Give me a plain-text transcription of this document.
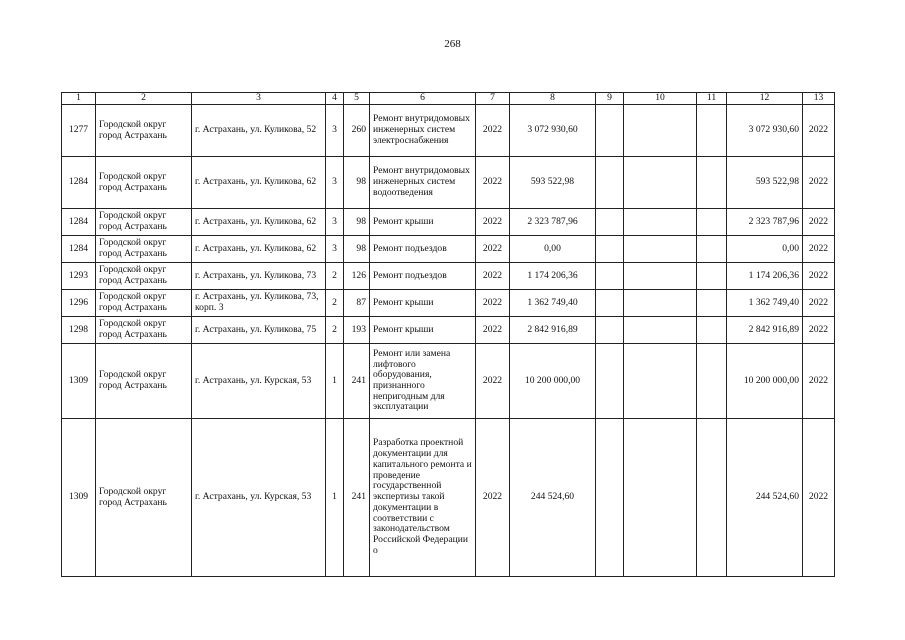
268
1	2	3	4	5	6	7	8	9	10	11	12	13
1277	Городской округ город Астрахань	г. Астрахань, ул. Куликова, 52	3	260	Ремонт внутридомовых инженерных систем электроснабжения	2022	3 072 930,60				3 072 930,60	2022
1284	Городской округ город Астрахань	г. Астрахань, ул. Куликова, 62	3	98	Ремонт внутридомовых инженерных систем водоотведения	2022	593 522,98				593 522,98	2022
1284	Городской округ город Астрахань	г. Астрахань, ул. Куликова, 62	3	98	Ремонт крыши	2022	2 323 787,96				2 323 787,96	2022
1284	Городской округ город Астрахань	г. Астрахань, ул. Куликова, 62	3	98	Ремонт подъездов	2022	0,00				0,00	2022
1293	Городской округ город Астрахань	г. Астрахань, ул. Куликова, 73	2	126	Ремонт подъездов	2022	1 174 206,36				1 174 206,36	2022
1296	Городской округ город Астрахань	г. Астрахань, ул. Куликова, 73, корп. 3	2	87	Ремонт крыши	2022	1 362 749,40				1 362 749,40	2022
1298	Городской округ город Астрахань	г. Астрахань, ул. Куликова, 75	2	193	Ремонт крыши	2022	2 842 916,89				2 842 916,89	2022
1309	Городской округ город Астрахань	г. Астрахань, ул. Курская, 53	1	241	Ремонт или замена лифтового оборудования, признанного непригодным для эксплуатации	2022	10 200 000,00				10 200 000,00	2022
1309	Городской округ город Астрахань	г. Астрахань, ул. Курская, 53	1	241	Разработка проектной документации для капитального ремонта и проведение государственной экспертизы такой документации в соответствии с законодательством Российской Федерации о	2022	244 524,60				244 524,60	2022
